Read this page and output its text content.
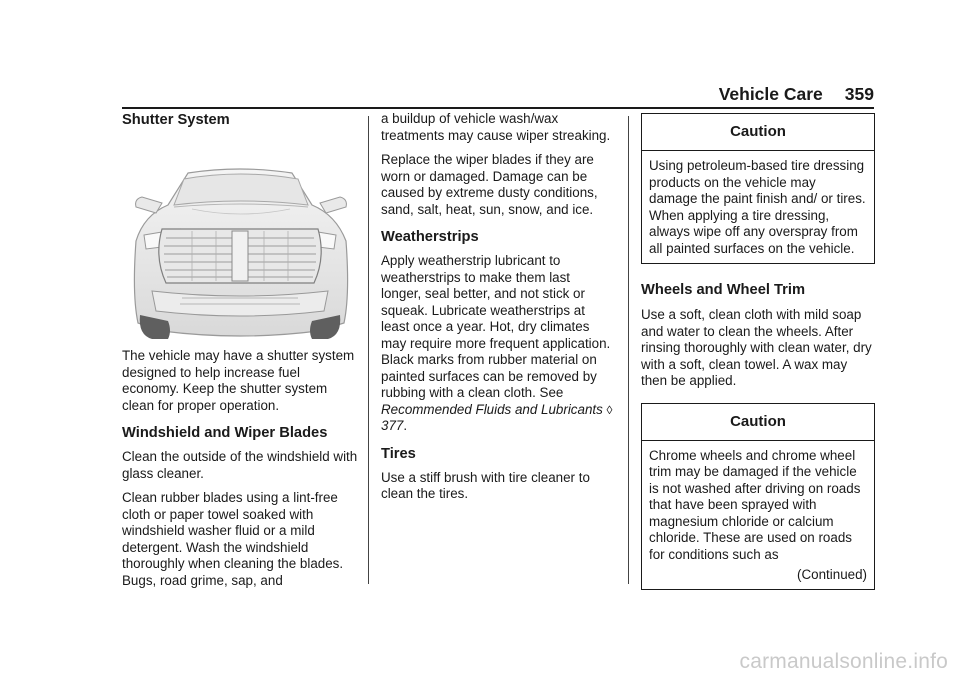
Vehicle Care 359
Shutter System

The vehicle may have a shutter system designed to help increase fuel economy. Keep the shutter system clean for proper operation.

Windshield and Wiper Blades

Clean the outside of the windshield with glass cleaner.

Clean rubber blades using a lint-free cloth or paper towel soaked with windshield washer fluid or a mild detergent. Wash the windshield thoroughly when cleaning the blades. Bugs, road grime, sap, and

a buildup of vehicle wash/wax treatments may cause wiper streaking.

Replace the wiper blades if they are worn or damaged. Damage can be caused by extreme dusty conditions, sand, salt, heat, sun, snow, and ice.

Weatherstrips

Apply weatherstrip lubricant to weatherstrips to make them last longer, seal better, and not stick or squeak. Lubricate weatherstrips at least once a year. Hot, dry climates may require more frequent application. Black marks from rubber material on painted surfaces can be removed by rubbing with a clean cloth. See Recommended Fluids and Lubricants ◊ 377.

Tires

Use a stiff brush with tire cleaner to clean the tires.

Caution
Using petroleum-based tire dressing products on the vehicle may damage the paint finish and/ or tires. When applying a tire dressing, always wipe off any overspray from all painted surfaces on the vehicle.
Wheels and Wheel Trim

Use a soft, clean cloth with mild soap and water to clean the wheels. After rinsing thoroughly with clean water, dry with a soft, clean towel. A wax may then be applied.

Caution
Chrome wheels and chrome wheel trim may be damaged if the vehicle is not washed after driving on roads that have been sprayed with magnesium chloride or calcium chloride. These are used on roads for conditions such as
(Continued)
carmanualsonline.info
